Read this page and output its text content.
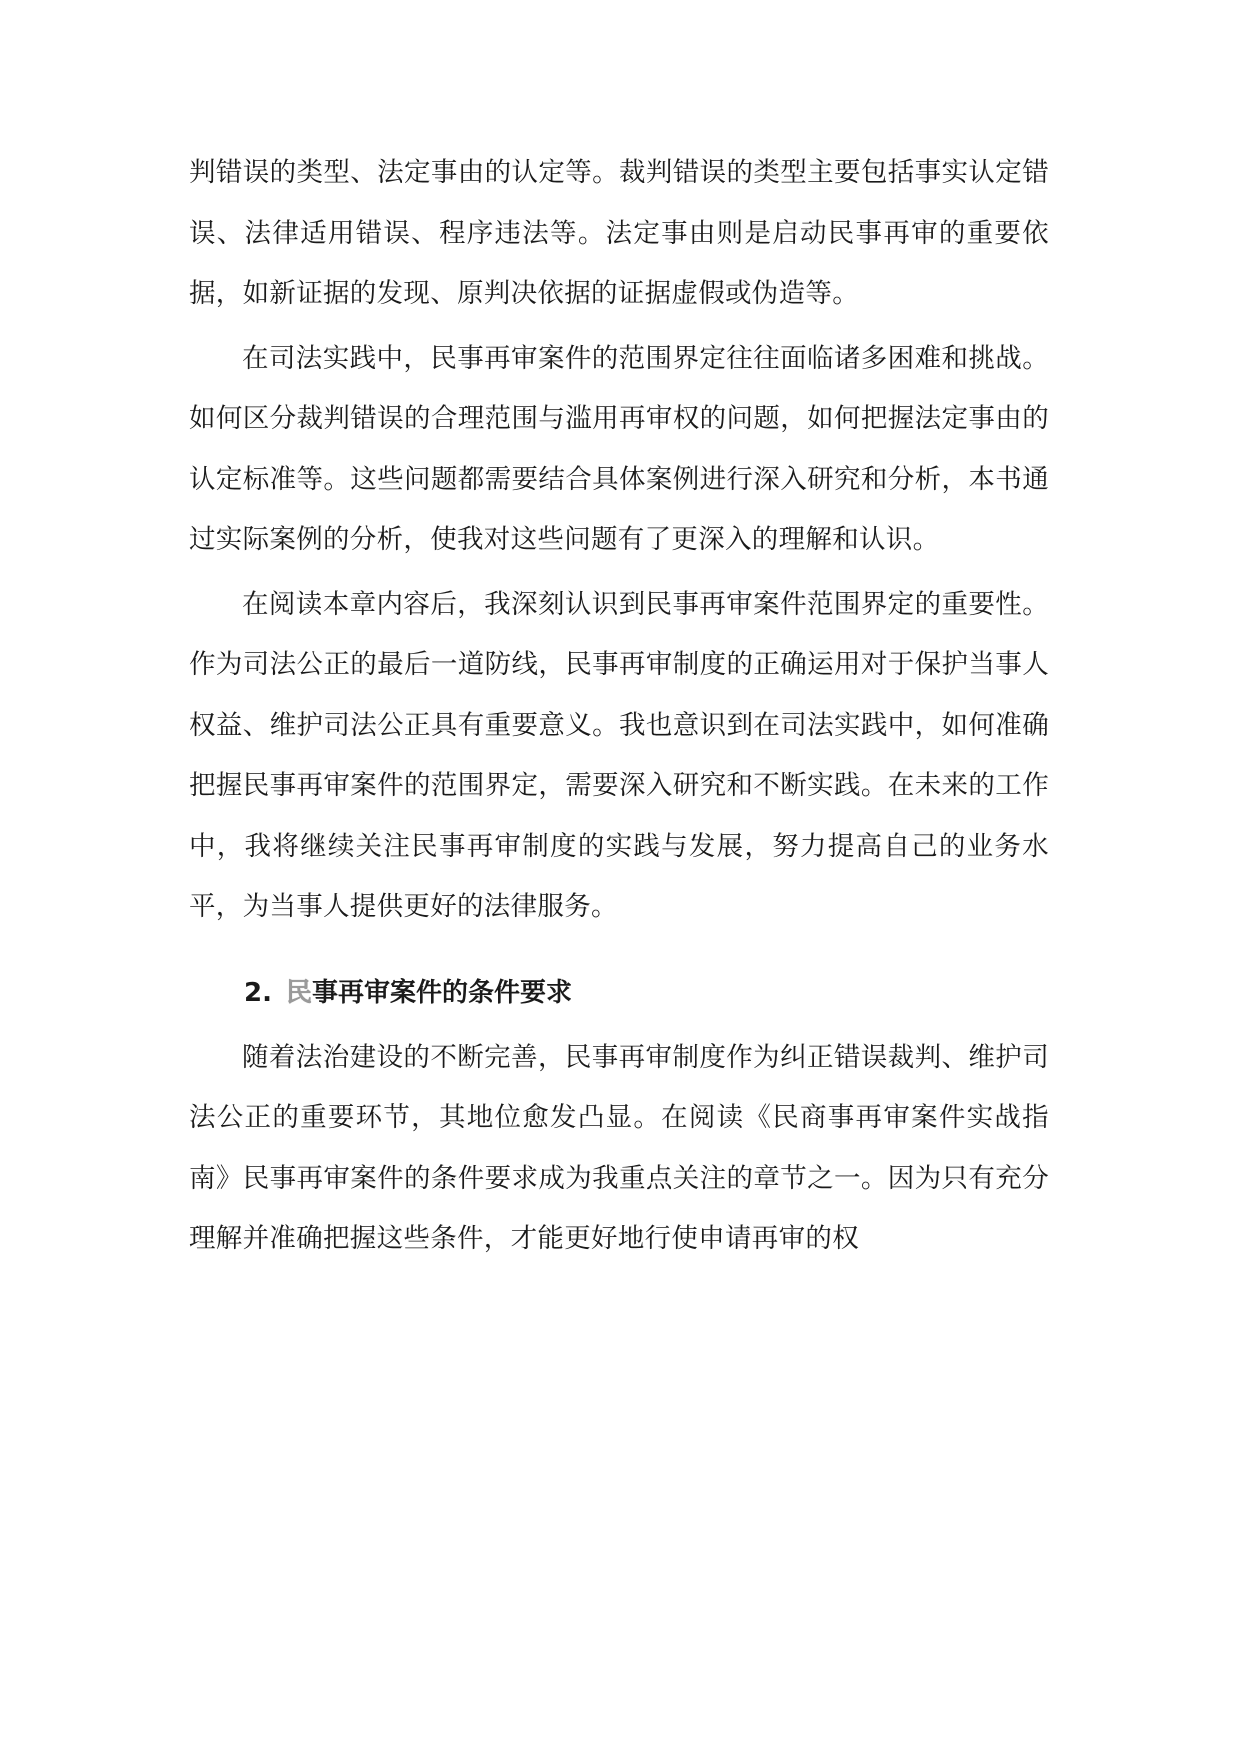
判错误的类型、法定事由的认定等。裁判错误的类型主要包括事实认定错误、法律适用错误、程序违法等。法定事由则是启动民事再审的重要依据，如新证据的发现、原判决依据的证据虚假或伪造等。

在司法实践中，民事再审案件的范围界定往往面临诸多困难和挑战。如何区分裁判错误的合理范围与滥用再审权的问题，如何把握法定事由的认定标准等。这些问题都需要结合具体案例进行深入研究和分析，本书通过实际案例的分析，使我对这些问题有了更深入的理解和认识。

在阅读本章内容后，我深刻认识到民事再审案件范围界定的重要性。作为司法公正的最后一道防线，民事再审制度的正确运用对于保护当事人权益、维护司法公正具有重要意义。我也意识到在司法实践中，如何准确把握民事再审案件的范围界定，需要深入研究和不断实践。在未来的工作中，我将继续关注民事再审制度的实践与发展，努力提高自己的业务水平，为当事人提供更好的法律服务。

2. 民事再审案件的条件要求

随着法治建设的不断完善，民事再审制度作为纠正错误裁判、维护司法公正的重要环节，其地位愈发凸显。在阅读《民商事再审案件实战指南》民事再审案件的条件要求成为我重点关注的章节之一。因为只有充分理解并准确把握这些条件，才能更好地行使申请再审的权
